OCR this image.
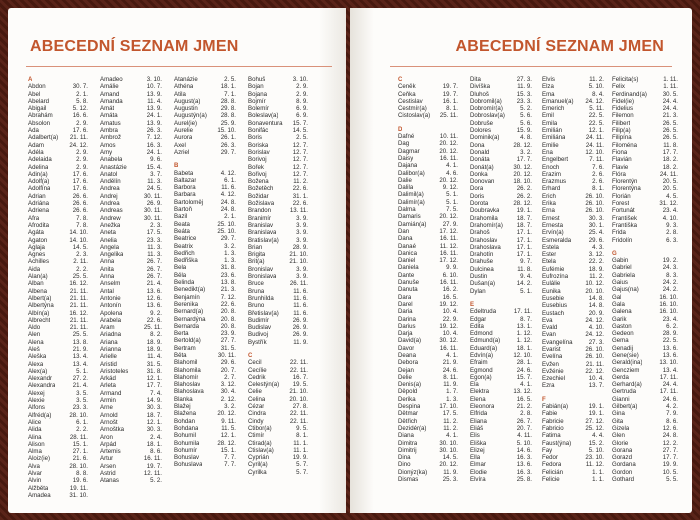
ABECEDNÍ SEZNAM JMEN
A
Abdon	30. 7.
Ábel	2. 1.
Abelard	5. 8.
Abigail	5. 12.
Abrahám	16. 6.
Absolon	2. 9.
Ada	17. 6.
Adalbert(a)	21. 11.
Adam	24. 12.
Adéla	2. 9.
Adelaida	2. 9.
Adelina	2. 9.
Adin(a)	17. 6.
Adolf(a)	17. 6.
Adolfína	17. 6.
Adrian	26. 6.
Adriána	26. 6.
Adriena	26. 6.
Afra	7. 8.
Afrodita	7. 8.
Agáta	14. 10.
Agaton	14. 10.
Aglaja	14. 5.
Agnes	2. 3.
Achilles	2. 11.
Aida	2. 2.
Alan(a)	25. 5.
Alban	16. 12.
Albena	21. 11.
Albert(a)	21. 11.
Albertýna	21. 11.
Albín(a)	16. 12.
Albrecht	21. 11.
Aldo	21. 11.
Alen	25. 5.
Alena	13. 8.
Aleš	21. 9.
Aleška	13. 4.
Alexa	13. 4.
Alex(a)	5. 1.
Alexandr	27. 2.
Alexandra	21. 4.
Alexej	3. 5.
Alexie	3. 5.
Alfons	23. 3.
Alfréd(a)	28. 10.
Alice	6. 1.
Alida	2. 2.
Alina	28. 11.
Alison	15. 1.
Alma	27. 1.
Aloiz(ie)	21. 6.
Alva	28. 10.
Alvar	8. 8.
Alvin	19. 6.
Alžběta	19. 11.
Amadea	31. 10.
Amadeo	3. 10.
Amálie	10. 7.
Amand	13. 9.
Amanda	11. 4.
Amát	13. 9.
Amáta	24. 1.
Amatus	13. 9.
Ambra	26. 3.
Ambrož	7. 12.
Amos	16. 3.
Amy	24. 1.
Anabela	9. 6.
Anastázie	15. 4.
Anatol	3. 7.
Andělín	11. 3.
Andrea	24. 5.
Andrej	30. 11.
Andrea	26. 9.
Andreas	30. 11.
Andrew	30. 11.
Anežka	2. 3.
Aneta	17. 5.
Anelia	23. 3.
Angela	11. 3.
Angelika	11. 3.
Anna	26. 7.
Anita	26. 7.
Anna	26. 7.
Anselm	21. 4.
Antal	13. 6.
Antonie	12. 6.
Antonín	13. 6.
Apolena	9. 2.
Arabela	22. 6.
Aram	25. 11.
Ariadna	8. 2.
Ariana	18. 9.
Arianna	18. 9.
Arielle	11. 4.
Aristid	31. 5.
Aristoteles	31. 8.
Arkád	12. 1.
Arleta	17. 7.
Armand	7. 4.
Armin	14. 9.
Arne	30. 3.
Arnold	18. 7.
Arnošt	12. 1.
Arnoštka	30. 3.
Aron	2. 4.
Arpád	18. 1.
Artemis	8. 6.
Artur	16. 11.
Arsen	19. 7.
Astrid	12. 11.
Atanas	5. 2.
Atanázie	2. 5.
Athéna	18. 1.
Atila	7. 1.
August(a)	28. 8.
Augustin	29. 8.
Augustýn(a)	28. 8.
Aurel(ie)	25. 9.
Aurelie	15. 10.
Aurora	26. 1.
Axel	26. 3.
Azriel	29. 7.
B
Babeta	4. 12.
Baltazar	6. 1.
Barbora	11. 6.
Barbara	4. 12.
Bartoloměj	24. 8.
Bartoň	24. 8.
Bazil	2. 1.
Beata	25. 10.
Beáta	25. 10.
Beatrice	29. 7.
Beatrix	3. 2.
Bedřich	1. 3.
Bedřiška	1. 3.
Bela	31. 8.
Běla	23. 6.
Belinda	13. 8.
Benedikt(a)	21. 3.
Benjamín	7. 12.
Berenika	22. 6.
Bernard(a)	20. 8.
Bernardýna	20. 8.
Bernarda	20. 8.
Berta	23. 9.
Bertold(a)	27. 7.
Bertram	31. 5.
Běta	30. 11.
Blahomil	29. 6.
Blahomila	20. 7.
Blahomír	2. 7.
Blahoslav	3. 12.
Blahoslava	30. 4.
Blanka	2. 12.
Blažej	3. 2.
Blažena	20. 12.
Bohdan	9. 11.
Bohdana	11. 5.
Bohumil	12. 1.
Bohumila	28. 12.
Bohumír	15. 1.
Bohuslav	7. 7.
Bohuslava	7. 7.
Bohuš	3. 10.
Bojan	2. 9.
Bojana	2. 9.
Bojmír	8. 9.
Bolemír	6. 9.
Boleslav(a)	6. 9.
Bonaventura	15. 7.
Bonifác	14. 5.
Boris	2. 5.
Boriska	12. 7.
Borislav	12. 7.
Borivoj	12. 7.
Bořek	12. 7.
Bořivoj	12. 7.
Božena	11. 2.
Božetěch	22. 6.
Božidar	31. 1.
Božislava	22. 6.
Brandon	13. 11.
Branimír	3. 9.
Branislav	3. 9.
Branislava	3. 9.
Bratislav(a)	3. 9.
Brian	28. 9.
Brigita	21. 10.
Brit(a)	21. 10.
Bronislav	3. 9.
Bronislava	3. 9.
Bruce	26. 11.
Bruna	11. 6.
Brunhilda	11. 6.
Bruno	11. 6.
Břetislav(a)	11. 6.
Budimír	26. 9.
Budislav	26. 9.
Budivoj	26. 9.
Bystřík	11. 9.
C
Cecil	22. 11.
Cecílie	22. 11.
Cedrik	16. 7.
Celestýn(a)	19. 5.
Celie	21. 10.
Celina	20. 10.
Cézar	27. 8.
Cindra	22. 11.
Cindy	22. 11.
Ctibor(a)	9. 5.
Ctimír	8. 1.
Ctirad(a)	11. 1.
Ctislav(a)	11. 1.
Cyprián	19. 9.
Cyril(a)	5. 7.
Cyrilka	5. 7.
ABECEDNÍ SEZNAM JMEN
Č
Čeněk	19. 7.
Čeňka	19. 7.
Čestislav	16. 1.
Čestmír(a)	8. 1.
Čistoslav(a)	25. 11.
D
Dafné	10. 11.
Dag	20. 12.
Dagmar	20. 12.
Daisy	16. 11.
Dajana	4. 1.
Dalibor(a)	4. 6.
Dalie	20. 12.
Dalila	9. 12.
Dalimil(a)	5. 1.
Dalimír(a)	5. 1.
Dalma	7. 5.
Damaris	20. 12.
Damián(a)	27. 9.
Dan	17. 12.
Dana	16. 11.
Danaé	11. 12.
Danica	16. 11.
Daniel	17. 12.
Daniela	9. 9.
Dante	6. 10.
Danuše	16. 11.
Danuta	16. 2.
Dara	16. 5.
Darel	19. 12.
Daria	10. 4.
Darina	22. 9.
Darius	19. 12.
Darja	10. 4.
David(a)	30. 12.
Davor	16. 11.
Deana	4. 1.
Debora	21. 9.
Dejan	24. 6.
Delie	8. 11.
Denis(a)	11. 9.
Děpold	1. 7.
Derika	1. 3.
Despina	17. 10.
Dětmar	17. 5.
Dětřich	11. 2.
Dezidér(a)	11. 2.
Diana	4. 1.
Dimitra	30. 10.
Dimitrij	30. 10.
Dina	14. 5.
Dino	20. 12.
Dionýz(ka)	11. 9.
Dismas	25. 3.
Dita	27. 3.
Divíška	11. 9.
Dluhoš	15. 3.
Dobromil(a)	23. 3.
Dobromír(a)	5. 2.
Dobroslav(a)	5. 6.
Dobruše	5. 6.
Dolores	15. 9.
Dominik(a)	4. 8.
Dona	28. 12.
Donald	3. 2.
Donáta	17. 7.
Donát(a)	30. 12.
Donka	20. 12.
Donovan	18. 10.
Dora	26. 2.
Doris	26. 2.
Dorota	28. 12.
Doubravka	19. 1.
Drahomila	18. 7.
Drahomír(a)	18. 7.
Drahoš	17. 1.
Drahoslav	17. 1.
Drahoslava	17. 1.
Drahotín	17. 1.
Drahuše	9. 7.
Dulcinea	11. 8.
Dustin	9. 4.
Dušan(a)	14. 2.
Dylan	5. 1.
E
Edeltruda	17. 11.
Edgar	8. 7.
Edita	13. 1.
Edmond	1. 12.
Edmund(a)	1. 12.
Eduard(a)	18. 1.
Edvín(a)	12. 10.
Efraim	28. 1.
Egmond	24. 6.
Egon(a)	15. 7.
Ela	4. 1.
Elektra	13. 12.
Elena	16. 5.
Eleonora	21. 2.
Elfrida	2. 8.
Eliana	26. 7.
Eliáš	20. 7.
Elis	4. 11.
Eliška	5. 10.
Elizej	14. 6.
Ella	16. 3.
Elmar	13. 6.
Elodie	16. 3.
Elvíra	25. 8.
Elvis	11. 2.
Elza	5. 10.
Ema	8. 4.
Emanuel(a)	24. 12.
Emerich	5. 11.
Emil	22. 5.
Emila	22. 5.
Emilián	12. 1.
Emiliána	24. 11.
Emilie	24. 11.
Ena	12. 10.
Engelbert	7. 11.
Enoch	7. 6.
Erazim	2. 6.
Erazmus	2. 6.
Erhard	8. 1.
Erich	26. 10.
Erika	26. 10.
Erna	26. 10.
Ernest	30. 3.
Ernesta	30. 1.
Ervín(a)	25. 4.
Esmeralda	29. 6.
Estela	4. 3.
Ester	3. 12.
Etela	22. 2.
Eufémie	18. 9.
Eufrozína	11. 2.
Eulálie	10. 12.
Eunika	20. 10.
Eusebie	14. 8.
Eusebius	14. 8.
Eustach	20. 9.
Eva	24. 12.
Evald	4. 10.
Evan	24. 12.
Evangelína	27. 3.
Evarist	26. 10.
Evelína	26. 10.
Evžen	21. 11.
Evžénie	22. 12.
Ezechiel	10. 4.
Ezra	13. 7.
F
Fabián(a)	19. 1.
Fabie	19. 1.
Fabricie	27. 12.
Fabricio	25. 12.
Fatima	4. 4.
Faust(ýna)	15. 2.
Fay	5. 10.
Fedor	23. 10.
Fedora	11. 12.
Felicián	1. 1.
Felicie	1. 1.
Felicita(s)	1. 11.
Felix	1. 11.
Ferdinand(a)	30. 5.
Fidel(ie)	24. 4.
Fidelius	24. 4.
Filemon	21. 3.
Filibert	26. 5.
Filip(a)	26. 5.
Filipína	26. 5.
Filoména	11. 8.
Fiona	17. 7.
Flavián	18. 2.
Flavie	18. 2.
Flóra	24. 11.
Florentýn	20. 5.
Florentýna	20. 5.
Florián	4. 5.
Forest	31. 12.
Fortunát	23. 4.
František	4. 10.
Františka	9. 3.
Frida	2. 8.
Fridolín	6. 3.
G
Gabin	19. 2.
Gabriel	24. 3.
Gabriela	8. 3.
Gaius	24. 2.
Gajus(na)	24. 2.
Gal	16. 10.
Gala	16. 10.
Galena	16. 10.
Garik	23. 4.
Gaston	6. 2.
Gedeon	28. 9.
Gema	22. 5.
Genadij	13. 6.
Gene(sie)	13. 6.
Gerald(ina)	13. 10.
Gencziem	13. 4.
Gerda	17. 11.
Gerhard(a)	24. 4.
Gertruda	17. 11.
Gianni	24. 6.
Gilbert(a)	4. 2.
Gina	7. 9.
Gita	8. 6.
Gizela	12. 6.
Glen	24. 8.
Glorie	12. 2.
Gorana	27. 7.
Gorazd	17. 7.
Gordana	19. 9.
Gordon	10. 5.
Gothard	5. 5.
